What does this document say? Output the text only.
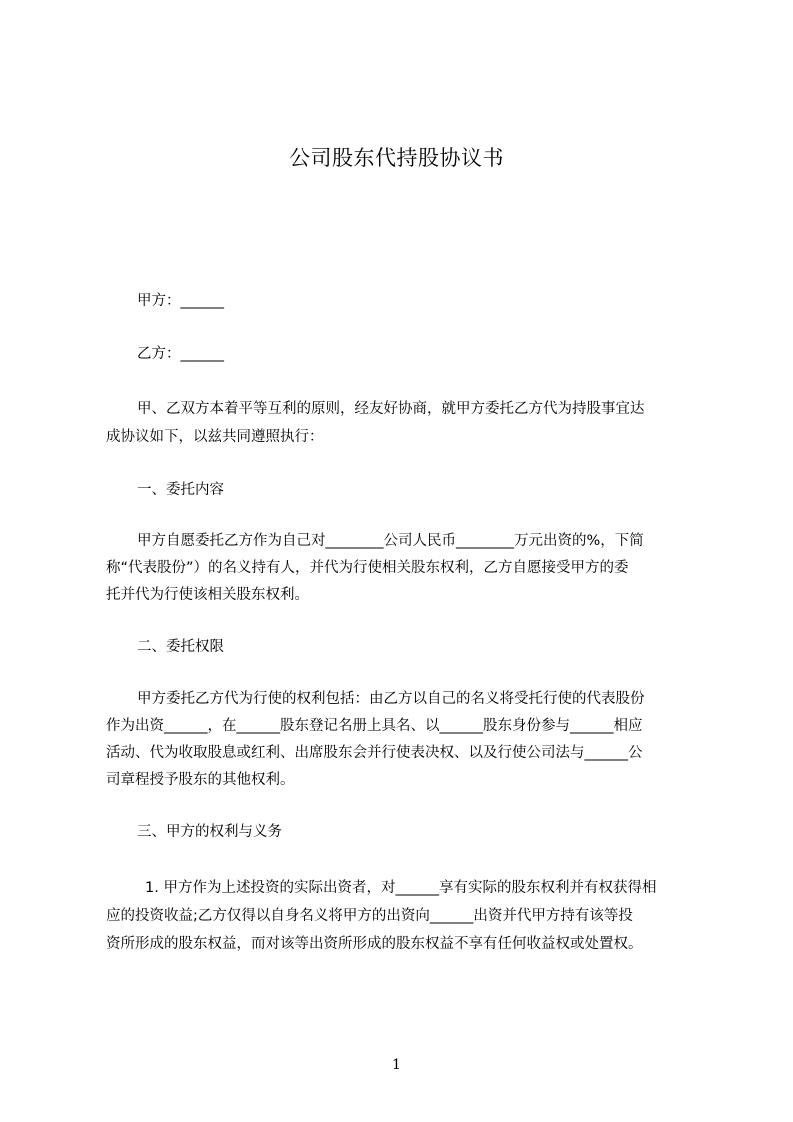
公司股东代持股协议书
甲方：______
乙方：______
甲、乙双方本着平等互利的原则，经友好协商，就甲方委托乙方代为持股事宜达
成协议如下，以兹共同遵照执行：
一、委托内容
甲方自愿委托乙方作为自己对________公司人民币________万元出资的%，下简
称“代表股份”）的名义持有人，并代为行使相关股东权利，乙方自愿接受甲方的委
托并代为行使该相关股东权利。
二、委托权限
甲方委托乙方代为行使的权利包括：由乙方以自己的名义将受托行使的代表股份
作为出资______，在______股东登记名册上具名、以______股东身份参与______相应
活动、代为收取股息或红利、出席股东会并行使表决权、以及行使公司法与______公
司章程授予股东的其他权利。
三、甲方的权利与义务
1. 甲方作为上述投资的实际出资者，对______享有实际的股东权利并有权获得相
应的投资收益;乙方仅得以自身名义将甲方的出资向______出资并代甲方持有该等投
资所形成的股东权益，而对该等出资所形成的股东权益不享有任何收益权或处置权。
1
